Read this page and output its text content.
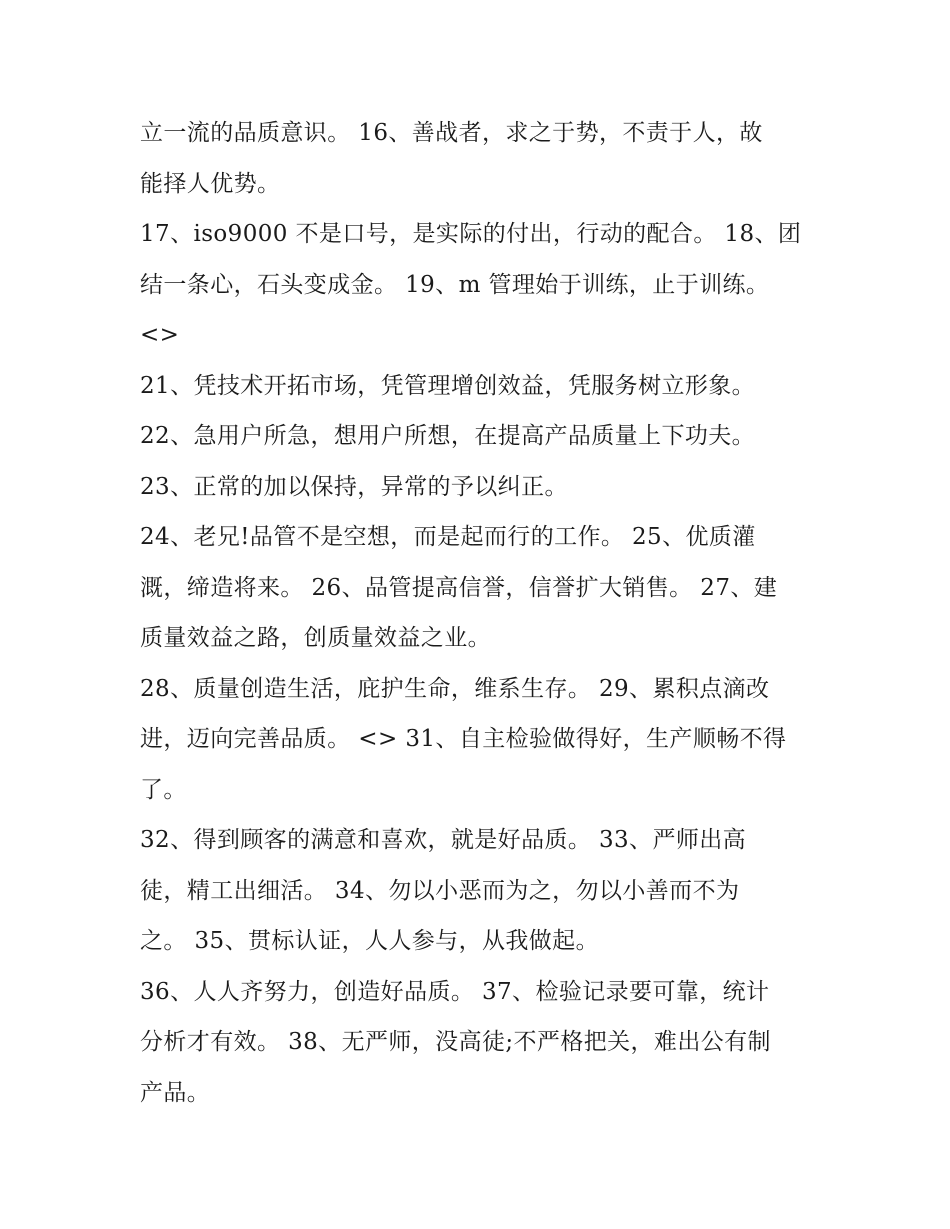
立一流的品质意识。 16、善战者，求之于势，不责于人，故
能择人优势。
17、iso9000 不是口号，是实际的付出，行动的配合。 18、团
结一条心，石头变成金。 19、m 管理始于训练，止于训练。
<>
21、凭技术开拓市场，凭管理增创效益，凭服务树立形象。
22、急用户所急，想用户所想，在提高产品质量上下功夫。
23、正常的加以保持，异常的予以纠正。
24、老兄!品管不是空想，而是起而行的工作。 25、优质灌
溉，缔造将来。 26、品管提高信誉，信誉扩大销售。 27、建
质量效益之路，创质量效益之业。
28、质量创造生活，庇护生命，维系生存。 29、累积点滴改
进，迈向完善品质。 <> 31、自主检验做得好，生产顺畅不得
了。
32、得到顾客的满意和喜欢，就是好品质。 33、严师出高
徒，精工出细活。 34、勿以小恶而为之，勿以小善而不为
之。 35、贯标认证，人人参与，从我做起。
36、人人齐努力，创造好品质。 37、检验记录要可靠，统计
分析才有效。 38、无严师，没高徒;不严格把关，难出公有制
产品。
